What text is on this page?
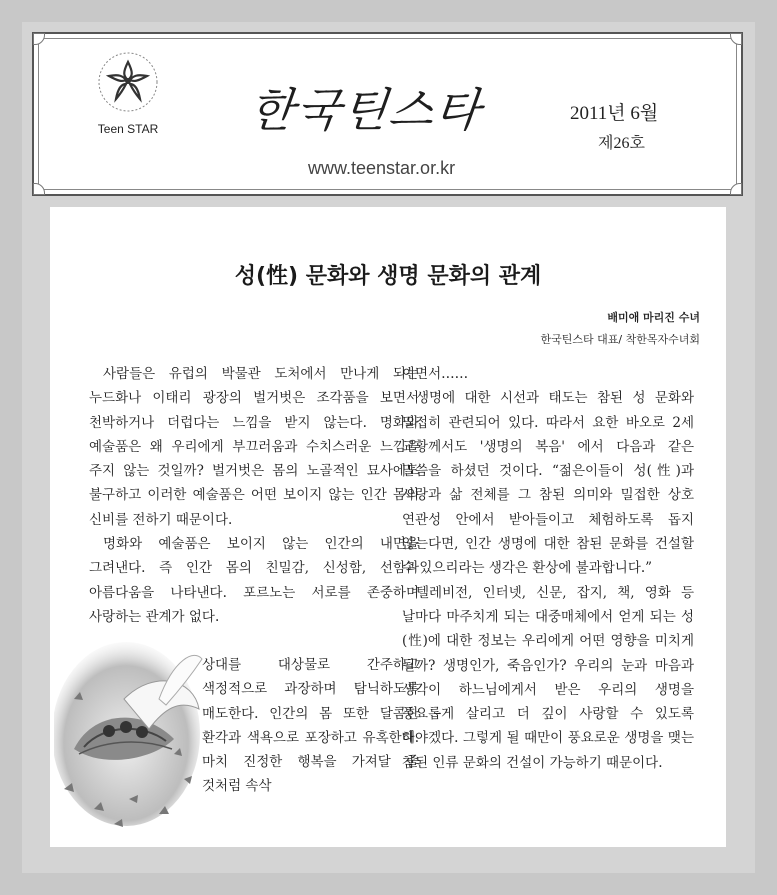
Teen STAR 한국틴스타	2011년 6월
제26호
www.teenstar.or.kr
성(性) 문화와 생명 문화의 관계
배미애 마리진 수녀
한국틴스타 대표/ 착한목자수녀회

사람들은 유럽의 박물관 도처에서 만나게 되는 누드화나 이태리 광장의 벌거벗은 조각품을 보면서 천박하거나 더럽다는 느낌을 받지 않는다. 명화와 예술품은 왜 우리에게 부끄러움과 수치스러운 느낌을 주지 않는 것일까? 벌거벗은 몸의 노골적인 묘사에도 불구하고 이러한 예술품은 어떤 보이지 않는 인간 몸의 신비를 전하기 때문이다.

명화와 예술품은 보이지 않는 인간의 내면을 그려낸다. 즉 인간 몸의 친밀감, 신성함, 선함과 아름다움을 나타낸다. 포르노는 서로를 존중하며 사랑하는 관계가 없다.

상대를 대상물로 간주하고 색정적으로 과장하며 탐닉하도록 매도한다. 인간의 몸 또한 달콤한 환각과 색욕으로 포장하고 유혹한다. 마치 진정한 행복을 가져달 줄 것처럼 속삭

이면서……

생명에 대한 시선과 태도는 참된 성 문화와 밀접히 관련되어 있다. 따라서 요한 바오로 2세 교황께서도 '생명의 복음' 에서 다음과 같은 말씀을 하셨던 것이다. “젊은이들이 성(性)과 사랑과 삶 전체를 그 참된 의미와 밀접한 상호 연관성 안에서 받아들이고 체험하도록 돕지 않는다면, 인간 생명에 대한 참된 문화를 건설할 수 있으리라는 생각은 환상에 불과합니다.”

텔레비전, 인터넷, 신문, 잡지, 책, 영화 등 날마다 마주치게 되는 대중매체에서 얻게 되는 성(性)에 대한 정보는 우리에게 어떤 영향을 미치게 될까? 생명인가, 죽음인가? 우리의 눈과 마음과 생각이 하느님에게서 받은 우리의 생명을 풍요롭게 살리고 더 깊이 사랑할 수 있도록 해야겠다. 그렇게 될 때만이 풍요로운 생명을 맺는 참된 인류 문화의 건설이 가능하기 때문이다.
